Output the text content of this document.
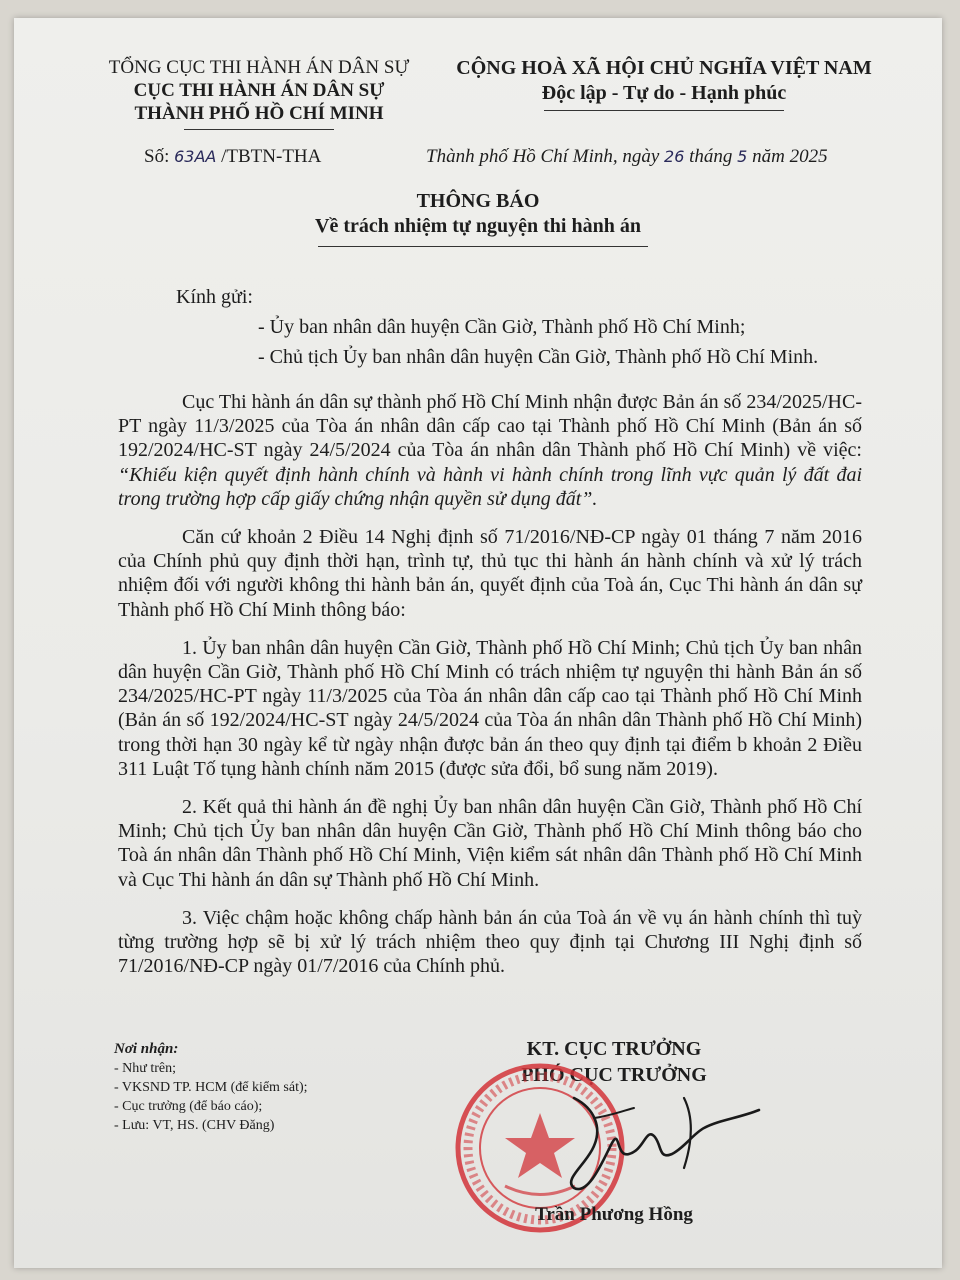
TỔNG CỤC THI HÀNH ÁN DÂN SỰ
CỤC THI HÀNH ÁN DÂN SỰ
THÀNH PHỐ HỒ CHÍ MINH
CỘNG HOÀ XÃ HỘI CHỦ NGHĨA VIỆT NAM
Độc lập - Tự do - Hạnh phúc
Số: 63AA /TBTN-THA	Thành phố Hồ Chí Minh, ngày 26 tháng 5 năm 2025
THÔNG BÁO
Về trách nhiệm tự nguyện thi hành án
Kính gửi:
- Ủy ban nhân dân huyện Cần Giờ, Thành phố Hồ Chí Minh;
- Chủ tịch Ủy ban nhân dân huyện Cần Giờ, Thành phố Hồ Chí Minh.

Cục Thi hành án dân sự thành phố Hồ Chí Minh nhận được Bản án số 234/2025/HC-PT ngày 11/3/2025 của Tòa án nhân dân cấp cao tại Thành phố Hồ Chí Minh (Bản án số 192/2024/HC-ST ngày 24/5/2024 của Tòa án nhân dân Thành phố Hồ Chí Minh) về việc: “Khiếu kiện quyết định hành chính và hành vi hành chính trong lĩnh vực quản lý đất đai trong trường hợp cấp giấy chứng nhận quyền sử dụng đất”.

Căn cứ khoản 2 Điều 14 Nghị định số 71/2016/NĐ-CP ngày 01 tháng 7 năm 2016 của Chính phủ quy định thời hạn, trình tự, thủ tục thi hành án hành chính và xử lý trách nhiệm đối với người không thi hành bản án, quyết định của Toà án, Cục Thi hành án dân sự Thành phố Hồ Chí Minh thông báo:

1. Ủy ban nhân dân huyện Cần Giờ, Thành phố Hồ Chí Minh; Chủ tịch Ủy ban nhân dân huyện Cần Giờ, Thành phố Hồ Chí Minh có trách nhiệm tự nguyện thi hành Bản án số 234/2025/HC-PT ngày 11/3/2025 của Tòa án nhân dân cấp cao tại Thành phố Hồ Chí Minh (Bản án số 192/2024/HC-ST ngày 24/5/2024 của Tòa án nhân dân Thành phố Hồ Chí Minh) trong thời hạn 30 ngày kể từ ngày nhận được bản án theo quy định tại điểm b khoản 2 Điều 311 Luật Tố tụng hành chính năm 2015 (được sửa đổi, bổ sung năm 2019).

2. Kết quả thi hành án đề nghị Ủy ban nhân dân huyện Cần Giờ, Thành phố Hồ Chí Minh; Chủ tịch Ủy ban nhân dân huyện Cần Giờ, Thành phố Hồ Chí Minh thông báo cho Toà án nhân dân Thành phố Hồ Chí Minh, Viện kiểm sát nhân dân Thành phố Hồ Chí Minh và Cục Thi hành án dân sự Thành phố Hồ Chí Minh.

3. Việc chậm hoặc không chấp hành bản án của Toà án về vụ án hành chính thì tuỳ từng trường hợp sẽ bị xử lý trách nhiệm theo quy định tại Chương III Nghị định số 71/2016/NĐ-CP ngày 01/7/2016 của Chính phủ.

Nơi nhận:
- Như trên;
- VKSND TP. HCM (để kiểm sát);
- Cục trưởng (để báo cáo);
- Lưu: VT, HS. (CHV Đăng)
KT. CỤC TRƯỞNG
PHÓ CỤC TRƯỞNG
Trần Phương Hồng
